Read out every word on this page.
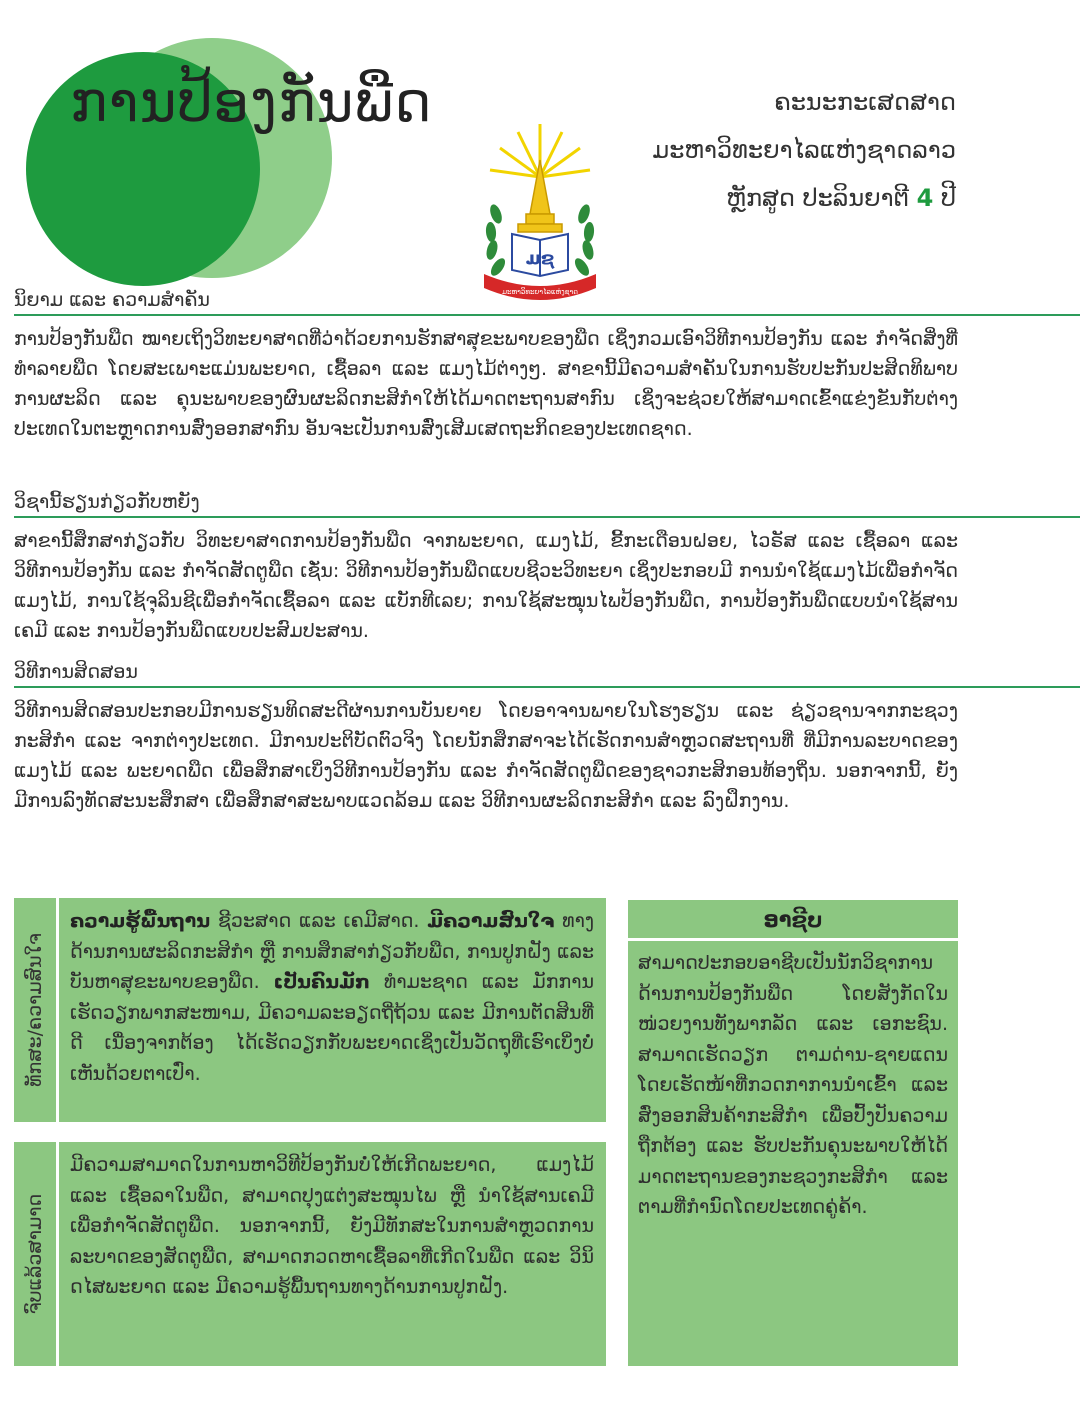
ການປ້ອງກັນພືດ	ຄະນະກະເສດສາດ
ມະຫາວິທະຍາໄລແຫ່ງຊາດລາວ
ຫຼັກສູດ ປະລິນຍາຕີ 4 ປີ
ມຊ
ມະຫາວິທະຍາໄລແຫ່ງຊາດ
ນິຍາມ ແລະ ຄວາມສຳຄັນ

ການປ້ອງກັນພືດ ໝາຍເຖິງວິທະຍາສາດທີ່ວ່າດ້ວຍການຮັກສາສຸຂະພາບຂອງພືດ ເຊິ່ງກວມເອົາວິທີການປ້ອງກັນ ແລະ ກຳຈັດສິ່ງທີ່ທຳລາຍພືດ ໂດຍສະເພາະແມ່ນພະຍາດ, ເຊື້ອລາ ແລະ ແມງໄມ້ຕ່າງໆ. ສາຂານີ້ມີຄວາມສຳຄັນໃນການຮັບປະກັນປະສິດທິພາບການຜະລິດ ແລະ ຄຸນະພາບຂອງຜົນຜະລິດກະສິກຳໃຫ້ໄດ້ມາດຕະຖານສາກົນ ເຊິ່ງຈະຊ່ວຍໃຫ້ສາມາດເຂົ້າແຂ່ງຂັນກັບຕ່າງປະເທດໃນຕະຫຼາດການສົ່ງອອກສາກົນ ອັນຈະເປັນການສົ່ງເສີມເສດຖະກິດຂອງປະເທດຊາດ.

ວິຊານີ້ຮຽນກ່ຽວກັບຫຍັງ

ສາຂານີ້ສຶກສາກ່ຽວກັບ ວິທະຍາສາດການປ້ອງກັນພືດ ຈາກພະຍາດ, ແມງໄມ້, ຂີ້ກະເດືອນຝອຍ, ໄວຣັສ ແລະ ເຊື້ອລາ ແລະ ວິທີການປ້ອງກັນ ແລະ ກຳຈັດສັດຕູພືດ ເຊັ່ນ: ວິທີການປ້ອງກັນພືດແບບຊີວະວິທະຍາ ເຊິ່ງປະກອບມີ ການນຳໃຊ້ແມງໄມ້ເພື່ອກຳຈັດແມງໄມ້, ການໃຊ້ຈຸລິນຊີເພື່ອກຳຈັດເຊື້ອລາ ແລະ ແບັກທີເລຍ; ການໃຊ້ສະໝຸນໄພປ້ອງກັນພືດ, ການປ້ອງກັນພືດແບບນຳໃຊ້ສານເຄມີ ແລະ ການປ້ອງກັນພືດແບບປະສົມປະສານ.

ວິທີການສິດສອນ

ວິທີການສິດສອນປະກອບມີການຮຽນທິດສະດີຜ່ານການບັນຍາຍ ໂດຍອາຈານພາຍໃນໂຮງຮຽນ ແລະ ຊ່ຽວຊານຈາກກະຊວງກະສິກຳ ແລະ ຈາກຕ່າງປະເທດ. ມີການປະຕິບັດຕົວຈິງ ໂດຍນັກສຶກສາຈະໄດ້ເຮັດການສຳຫຼວດສະຖານທີ່ ທີ່ມີການລະບາດຂອງແມງໄມ້ ແລະ ພະຍາດພືດ ເພື່ອສຶກສາເບິ່ງວິທີການປ້ອງກັນ ແລະ ກຳຈັດສັດຕູພືດຂອງຊາວກະສິກອນທ້ອງຖິ່ນ. ນອກຈາກນີ້, ຍັງມີການລົງທັດສະນະສຶກສາ ເພື່ອສຶກສາສະພາບແວດລ້ອມ ແລະ ວິທີການຜະລິດກະສິກຳ ແລະ ລົງຝຶກງານ.

ທັກສະ/ຄວາມສົນໃຈ

ຄວາມຮູ້ພື້ນຖານ ຊີວະສາດ ແລະ ເຄມີສາດ. ມີຄວາມສົນໃຈ ທາງດ້ານການຜະລິດກະສິກຳ ຫຼື ການສຶກສາກ່ຽວກັບພືດ, ການປູກຝັງ ແລະ ບັນຫາສຸຂະພາບຂອງພືດ. ເປັນຄົນມັກ ທຳມະຊາດ ແລະ ມັກການເຮັດວຽກພາກສະໜາມ, ມີຄວາມລະອຽດຖີ່ຖ້ວນ ແລະ ມີການຕັດສິນທີ່ດີ ເນື່ອງຈາກຕ້ອງ ໄດ້ເຮັດວຽກກັບພະຍາດເຊິ່ງເປັນວັດຖຸທີ່ເຮົາເບິ່ງບໍ່ເຫັນດ້ວຍຕາເປົ່າ.

ຈົບແລ້ວສາມາດ

ມີຄວາມສາມາດໃນການຫາວິທີປ້ອງກັນບໍ່ໃຫ້ເກີດພະຍາດ, ແມງໄມ້ ແລະ ເຊື້ອລາໃນພືດ, ສາມາດປຸງແຕ່ງສະໝຸນໄພ ຫຼື ນຳໃຊ້ສານເຄມີເພື່ອກຳຈັດສັດຕູພືດ. ນອກຈາກນີ້, ຍັງມີທັກສະໃນການສຳຫຼວດການລະບາດຂອງສັດຕູພືດ, ສາມາດກວດຫາເຊື້ອລາທີ່ເກີດໃນພືດ ແລະ ວິນິດໄສພະຍາດ ແລະ ມີຄວາມຮູ້ພື້ນຖານທາງດ້ານການປູກຝັງ.

ອາຊີບ

ສາມາດປະກອບອາຊີບເປັນນັກວິຊາການດ້ານການປ້ອງກັນພືດ ໂດຍສັງກັດໃນໜ່ວຍງານທັງພາກລັດ ແລະ ເອກະຊົນ. ສາມາດເຮັດວຽກ ຕາມດ່ານ-ຊາຍແດນ ໂດຍເຮັດໜ້າທີ່ກວດກາການນຳເຂົ້າ ແລະ ສົ່ງອອກສິນຄ້າກະສິກຳ ເພື່ອປົ້ງປັນຄວາມຖືກຕ້ອງ ແລະ ຮັບປະກັນຄຸນະພາບໃຫ້ໄດ້ມາດຕະຖານຂອງກະຊວງກະສິກຳ ແລະ ຕາມທີ່ກຳນົດໂດຍປະເທດຄູ່ຄ້າ.
